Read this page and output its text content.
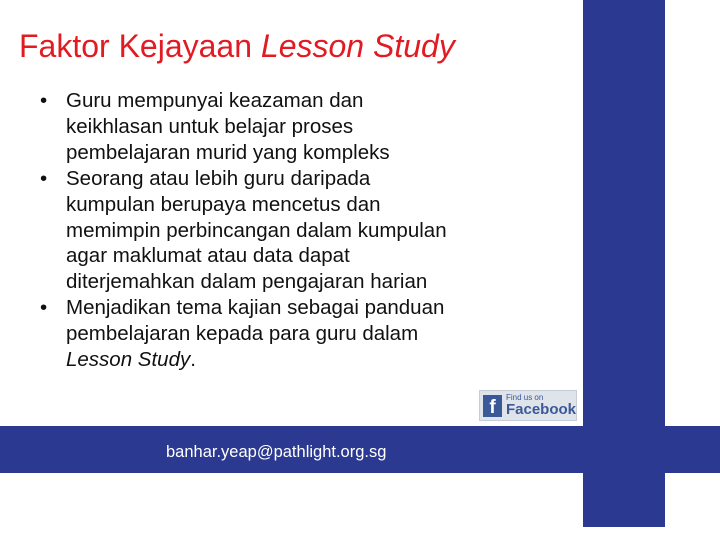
Faktor Kejayaan Lesson Study
• Guru mempunyai keazaman dan
keikhlasan untuk belajar proses
pembelajaran murid yang kompleks
• Seorang atau lebih guru daripada
kumpulan berupaya mencetus dan
memimpin perbincangan dalam kumpulan
agar maklumat atau data dapat
diterjemahkan dalam pengajaran harian
• Menjadikan tema kajian sebagai panduan
pembelajaran kepada para guru dalam
Lesson Study.
f Find us on
Facebook
banhar.yeap@pathlight.org.sg
